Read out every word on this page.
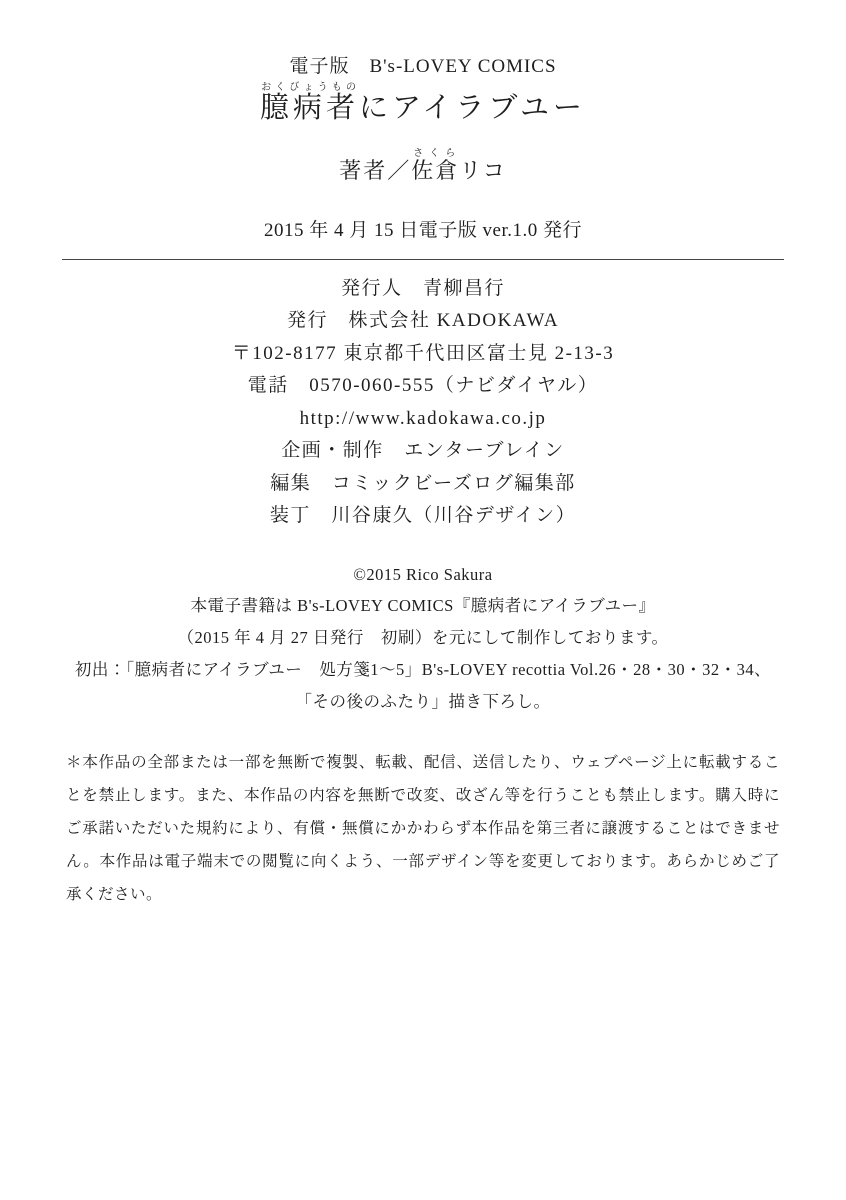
電子版　B's-LOVEY COMICS
臆病者おくびょうものにアイラブユー
著者／佐倉さくらリコ
2015 年 4 月 15 日電子版 ver.1.0 発行
発行人　青柳昌行
発行　株式会社 KADOKAWA
〒102-8177 東京都千代田区富士見 2-13-3
電話　0570-060-555（ナビダイヤル）
http://www.kadokawa.co.jp
企画・制作　エンターブレイン
編集　コミックビーズログ編集部
装丁　川谷康久（川谷デザイン）
©2015 Rico Sakura
本電子書籍は B's-LOVEY COMICS『臆病者にアイラブユー』
（2015 年 4 月 27 日発行　初刷）を元にして制作しております。
初出：「臆病者にアイラブユー　処方箋1～5」B's-LOVEY recottia Vol.26・28・30・32・34、
「その後のふたり」描き下ろし。

＊本作品の全部または一部を無断で複製、転載、配信、送信したり、ウェブページ上に転載することを禁止します。また、本作品の内容を無断で改変、改ざん等を行うことも禁止します。購入時にご承諾いただいた規約により、有償・無償にかかわらず本作品を第三者に譲渡することはできません。本作品は電子端末での閲覧に向くよう、一部デザイン等を変更しております。あらかじめご了承ください。
